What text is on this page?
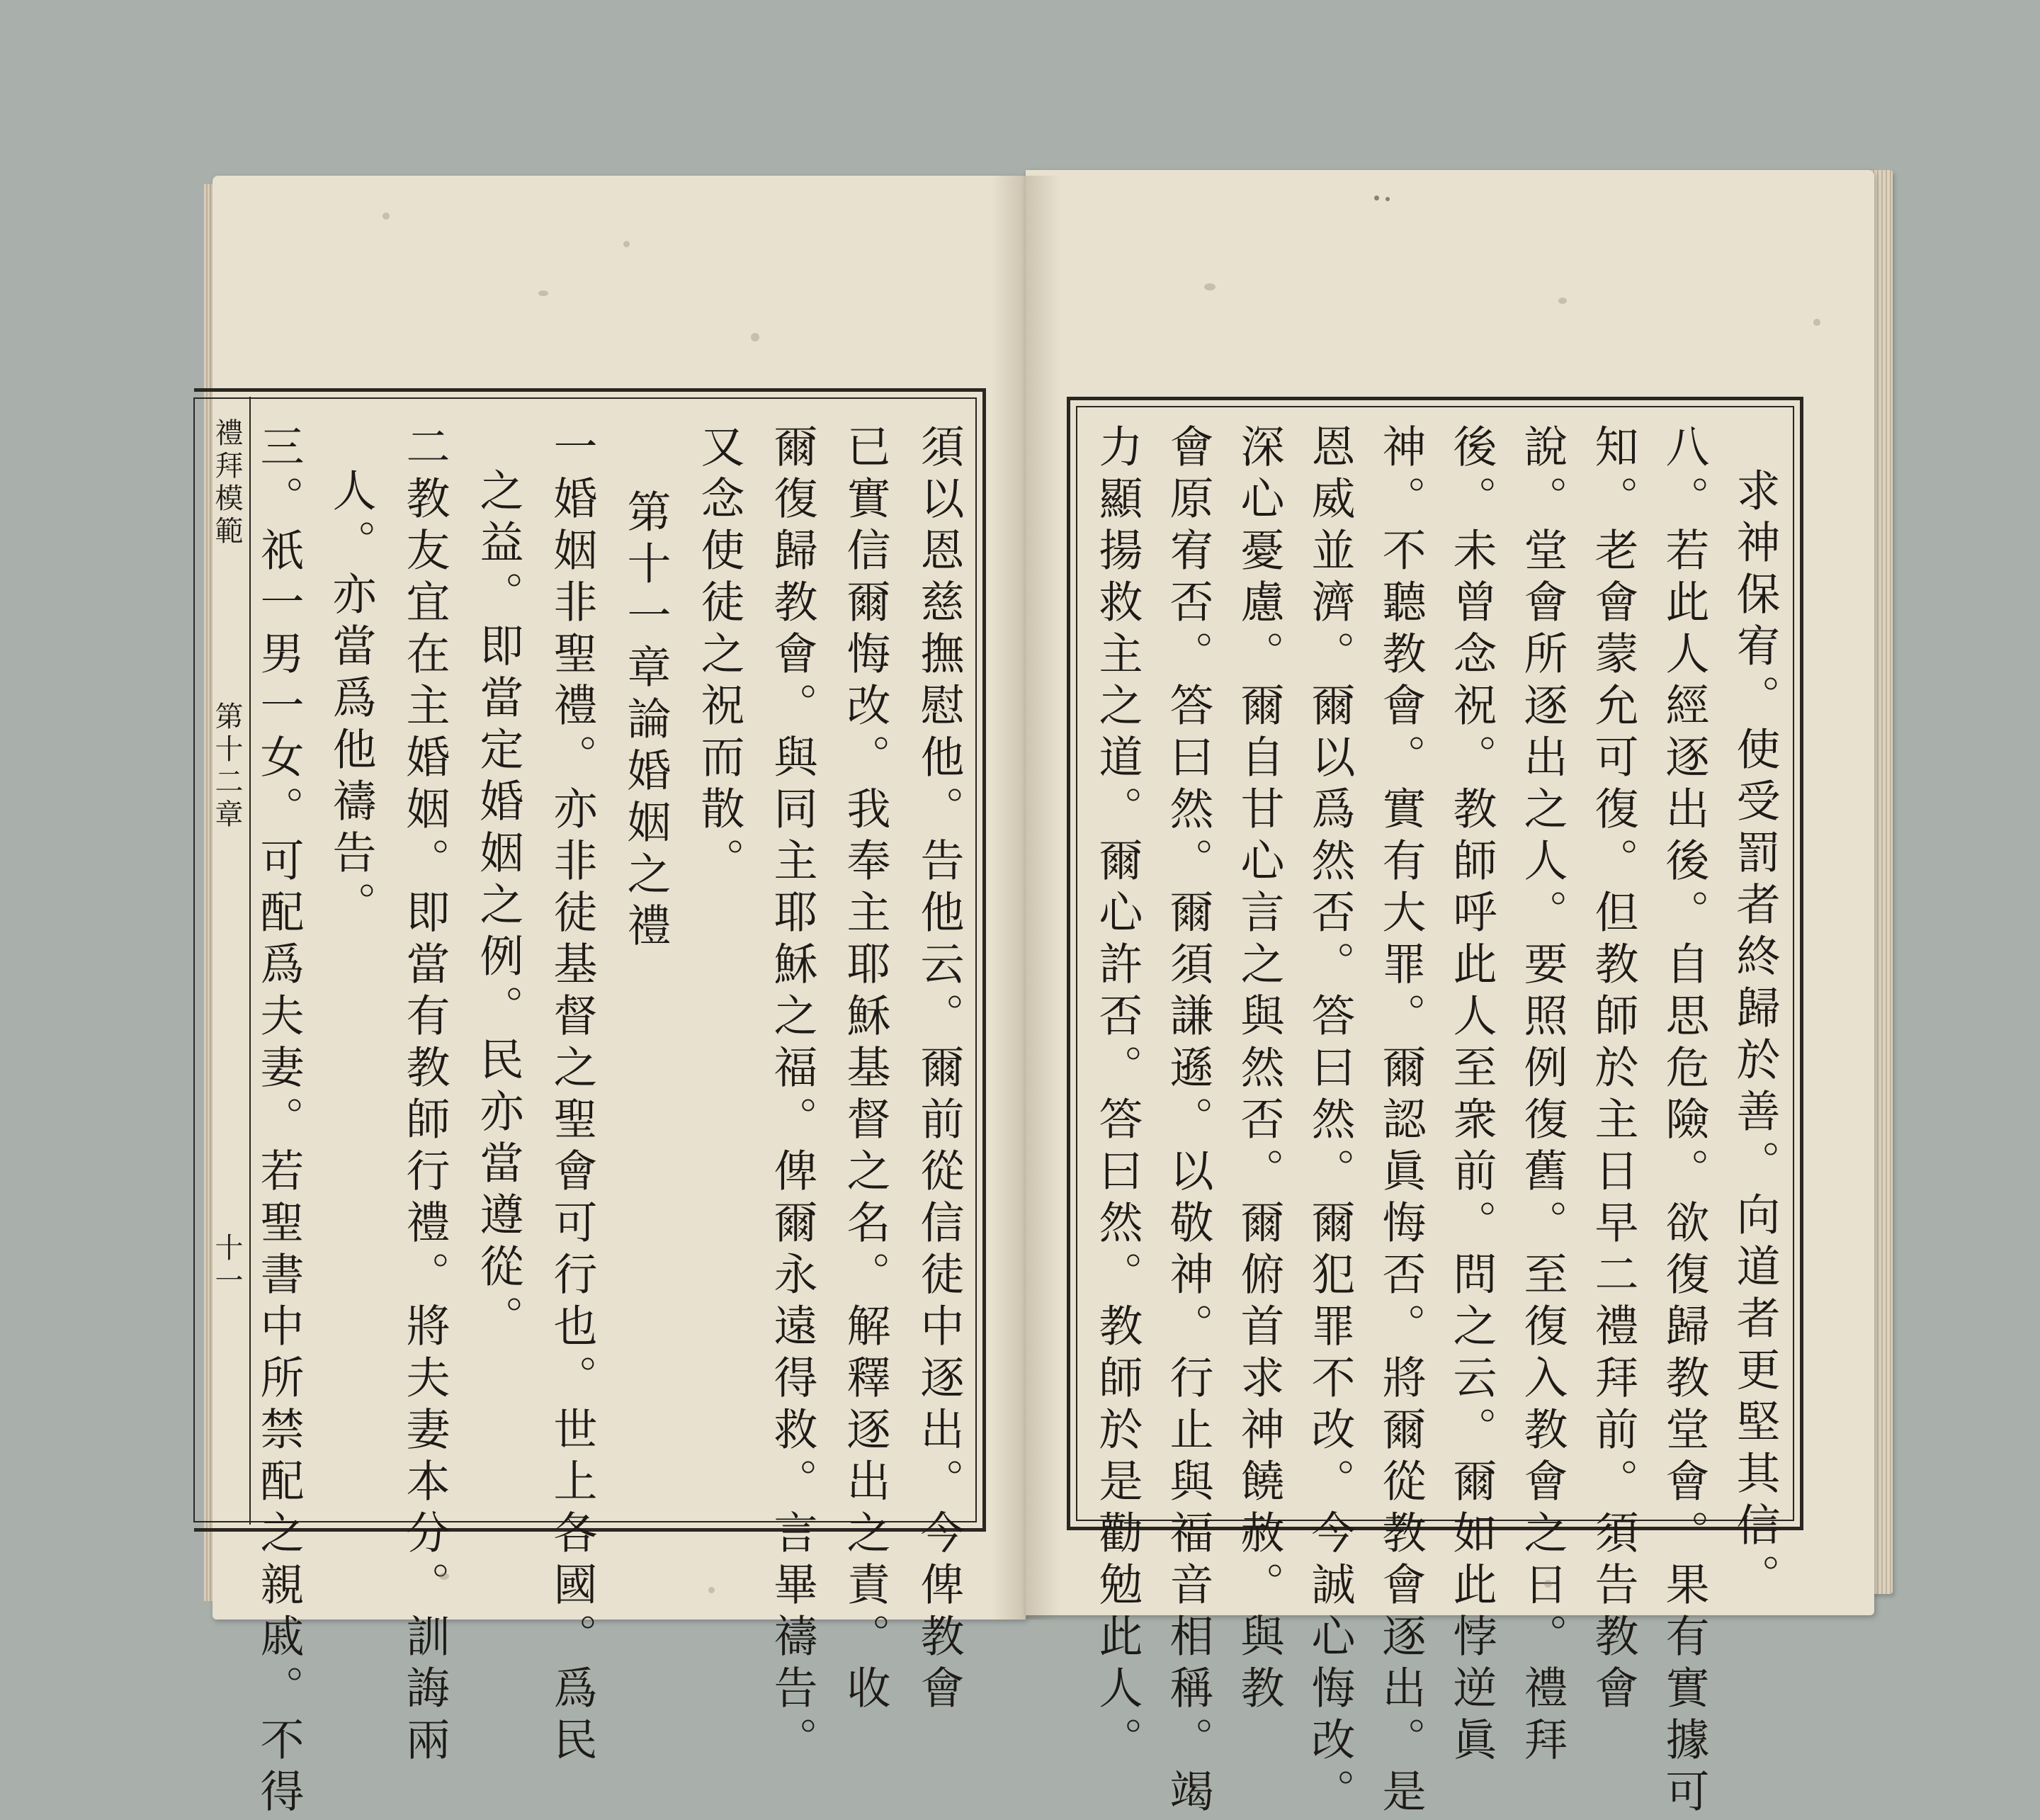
禮拜模範
第十二章
十一	須以恩慈撫慰他。告他云。爾前從信徒中逐出。今俾教會
已實信爾悔改。我奉主耶穌基督之名。解釋逐出之責。收
爾復歸教會。與同主耶穌之福。俾爾永遠得救。言畢禱告。
又念使徒之祝而散。
第十一章論婚姻之禮
一婚姻非聖禮。亦非徒基督之聖會可行也。世上各國。爲民
之益。即當定婚姻之例。民亦當遵從。
二教友宜在主婚姻。即當有教師行禮。將夫妻本分。訓誨兩
人。亦當爲他禱告。
三。祇一男一女。可配爲夫妻。若聖書中所禁配之親戚。不得	求神保宥。使受罰者終歸於善。向道者更堅其信。
八。若此人經逐出後。自思危險。欲復歸教堂會。果有實據可
知。老會蒙允可復。但教師於主日早二禮拜前。須告教會
說。堂會所逐出之人。要照例復舊。至復入教會之日。禮拜
後。未曾念祝。教師呼此人至衆前。問之云。爾如此悖逆眞
神。不聽教會。實有大罪。爾認眞悔否。將爾從教會逐出。是
恩威並濟。爾以爲然否。答曰然。爾犯罪不改。今誠心悔改。
深心憂慮。爾自甘心言之與然否。爾俯首求神饒赦。與教
會原宥否。答曰然。爾須謙遜。以敬神。行止與福音相稱。竭
力顯揚救主之道。爾心許否。答曰然。教師於是勸勉此人。
